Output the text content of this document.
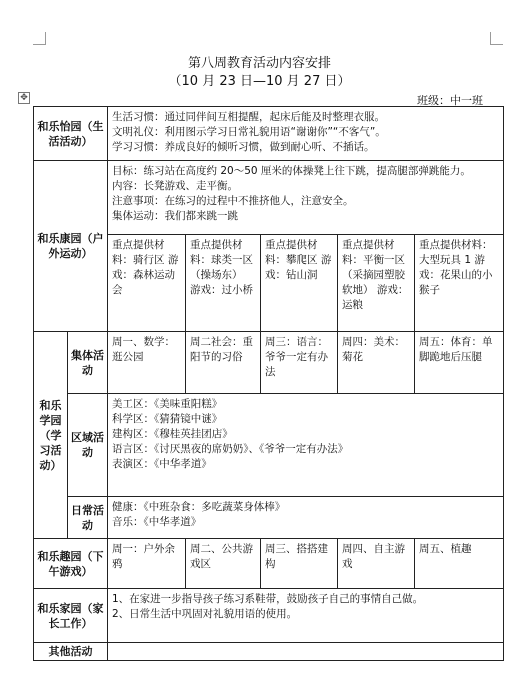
第八周教育活动内容安排
（10 月 23 日—10 月 27 日）
✥	班级：中一班
和乐怡园（生活活动）		生活习惯：通过同伴间互相提醒，起床后能及时整理衣服。
文明礼仪：利用图示学习日常礼貌用语“谢谢你”“不客气”。
学习习惯：养成良好的倾听习惯，做到耐心听、不插话。				

和乐康园（户外运动）		目标：练习站在高度约 20～50 厘米的体操凳上往下跳，提高腿部弹跳能力。
内容：长凳游戏、走平衡。
注意事项：在练习的过程中不推挤他人，注意安全。
集体运动：我们都来跳一跳				

		重点提供材料：骑行区 游戏：森林运动会	重点提供材料：球类一区（操场东） 游戏：过小桥	重点提供材料：攀爬区 游戏：钻山洞	重点提供材料：平衡一区（采摘园塑胶软地） 游戏：运粮	重点提供材料：大型玩具 1 游戏：花果山的小猴子
和乐学园（学习活动）	集体活动	周一、数学：逛公园	周二社会：重阳节的习俗	周三：语言：爷爷一定有办法	周四：美术：菊花	周五：体育：单脚跪地后压腿
	区域活动	美工区：《美味重阳糕》
科学区：《猜猜镜中谜》
建构区：《穆桂英挂团店》
语言区：《讨厌黑夜的席奶奶》、《爷爷一定有办法》
表演区：《中华孝道》				

	日常活动	健康：《中班杂食：多吃蔬菜身体棒》
音乐：《中华孝道》				

和乐趣园（下午游戏）		周一：户外余鸦	周二、公共游戏区	周三、搭搭建构	周四、自主游戏	周五、植趣
和乐家园（家长工作）		1、在家进一步指导孩子练习系鞋带，鼓励孩子自己的事情自己做。
2、日常生活中巩固对礼貌用语的使用。				

其他活动						
